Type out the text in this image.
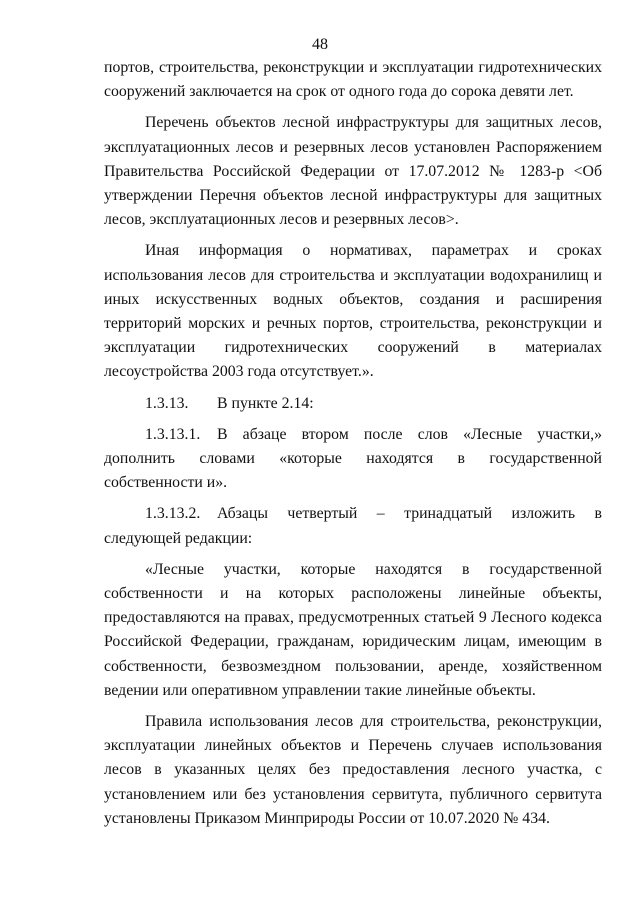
48

портов, строительства, реконструкции и эксплуатации гидротехнических сооружений заключается на срок от одного года до сорока девяти лет.

Перечень объектов лесной инфраструктуры для защитных лесов, эксплуатационных лесов и резервных лесов установлен Распоряжением Правительства Российской Федерации от 17.07.2012 № 1283-р <Об утверждении Перечня объектов лесной инфраструктуры для защитных лесов, эксплуатационных лесов и резервных лесов>.

Иная информация о нормативах, параметрах и сроках использования лесов для строительства и эксплуатации водохранилищ и иных искусственных водных объектов, создания и расширения территорий морских и речных портов, строительства, реконструкции и эксплуатации гидротехнических сооружений в материалах лесоустройства 2003 года отсутствует.».

1.3.13. В пункте 2.14:

1.3.13.1. В абзаце втором после слов «Лесные участки,» дополнить словами «которые находятся в государственной собственности и».

1.3.13.2. Абзацы четвертый – тринадцатый изложить в следующей редакции:

«Лесные участки, которые находятся в государственной собственности и на которых расположены линейные объекты, предоставляются на правах, предусмотренных статьей 9 Лесного кодекса Российской Федерации, гражданам, юридическим лицам, имеющим в собственности, безвозмездном пользовании, аренде, хозяйственном ведении или оперативном управлении такие линейные объекты.

Правила использования лесов для строительства, реконструкции, эксплуатации линейных объектов и Перечень случаев использования лесов в указанных целях без предоставления лесного участка, с установлением или без установления сервитута, публичного сервитута установлены Приказом Минприроды России от 10.07.2020 № 434.
